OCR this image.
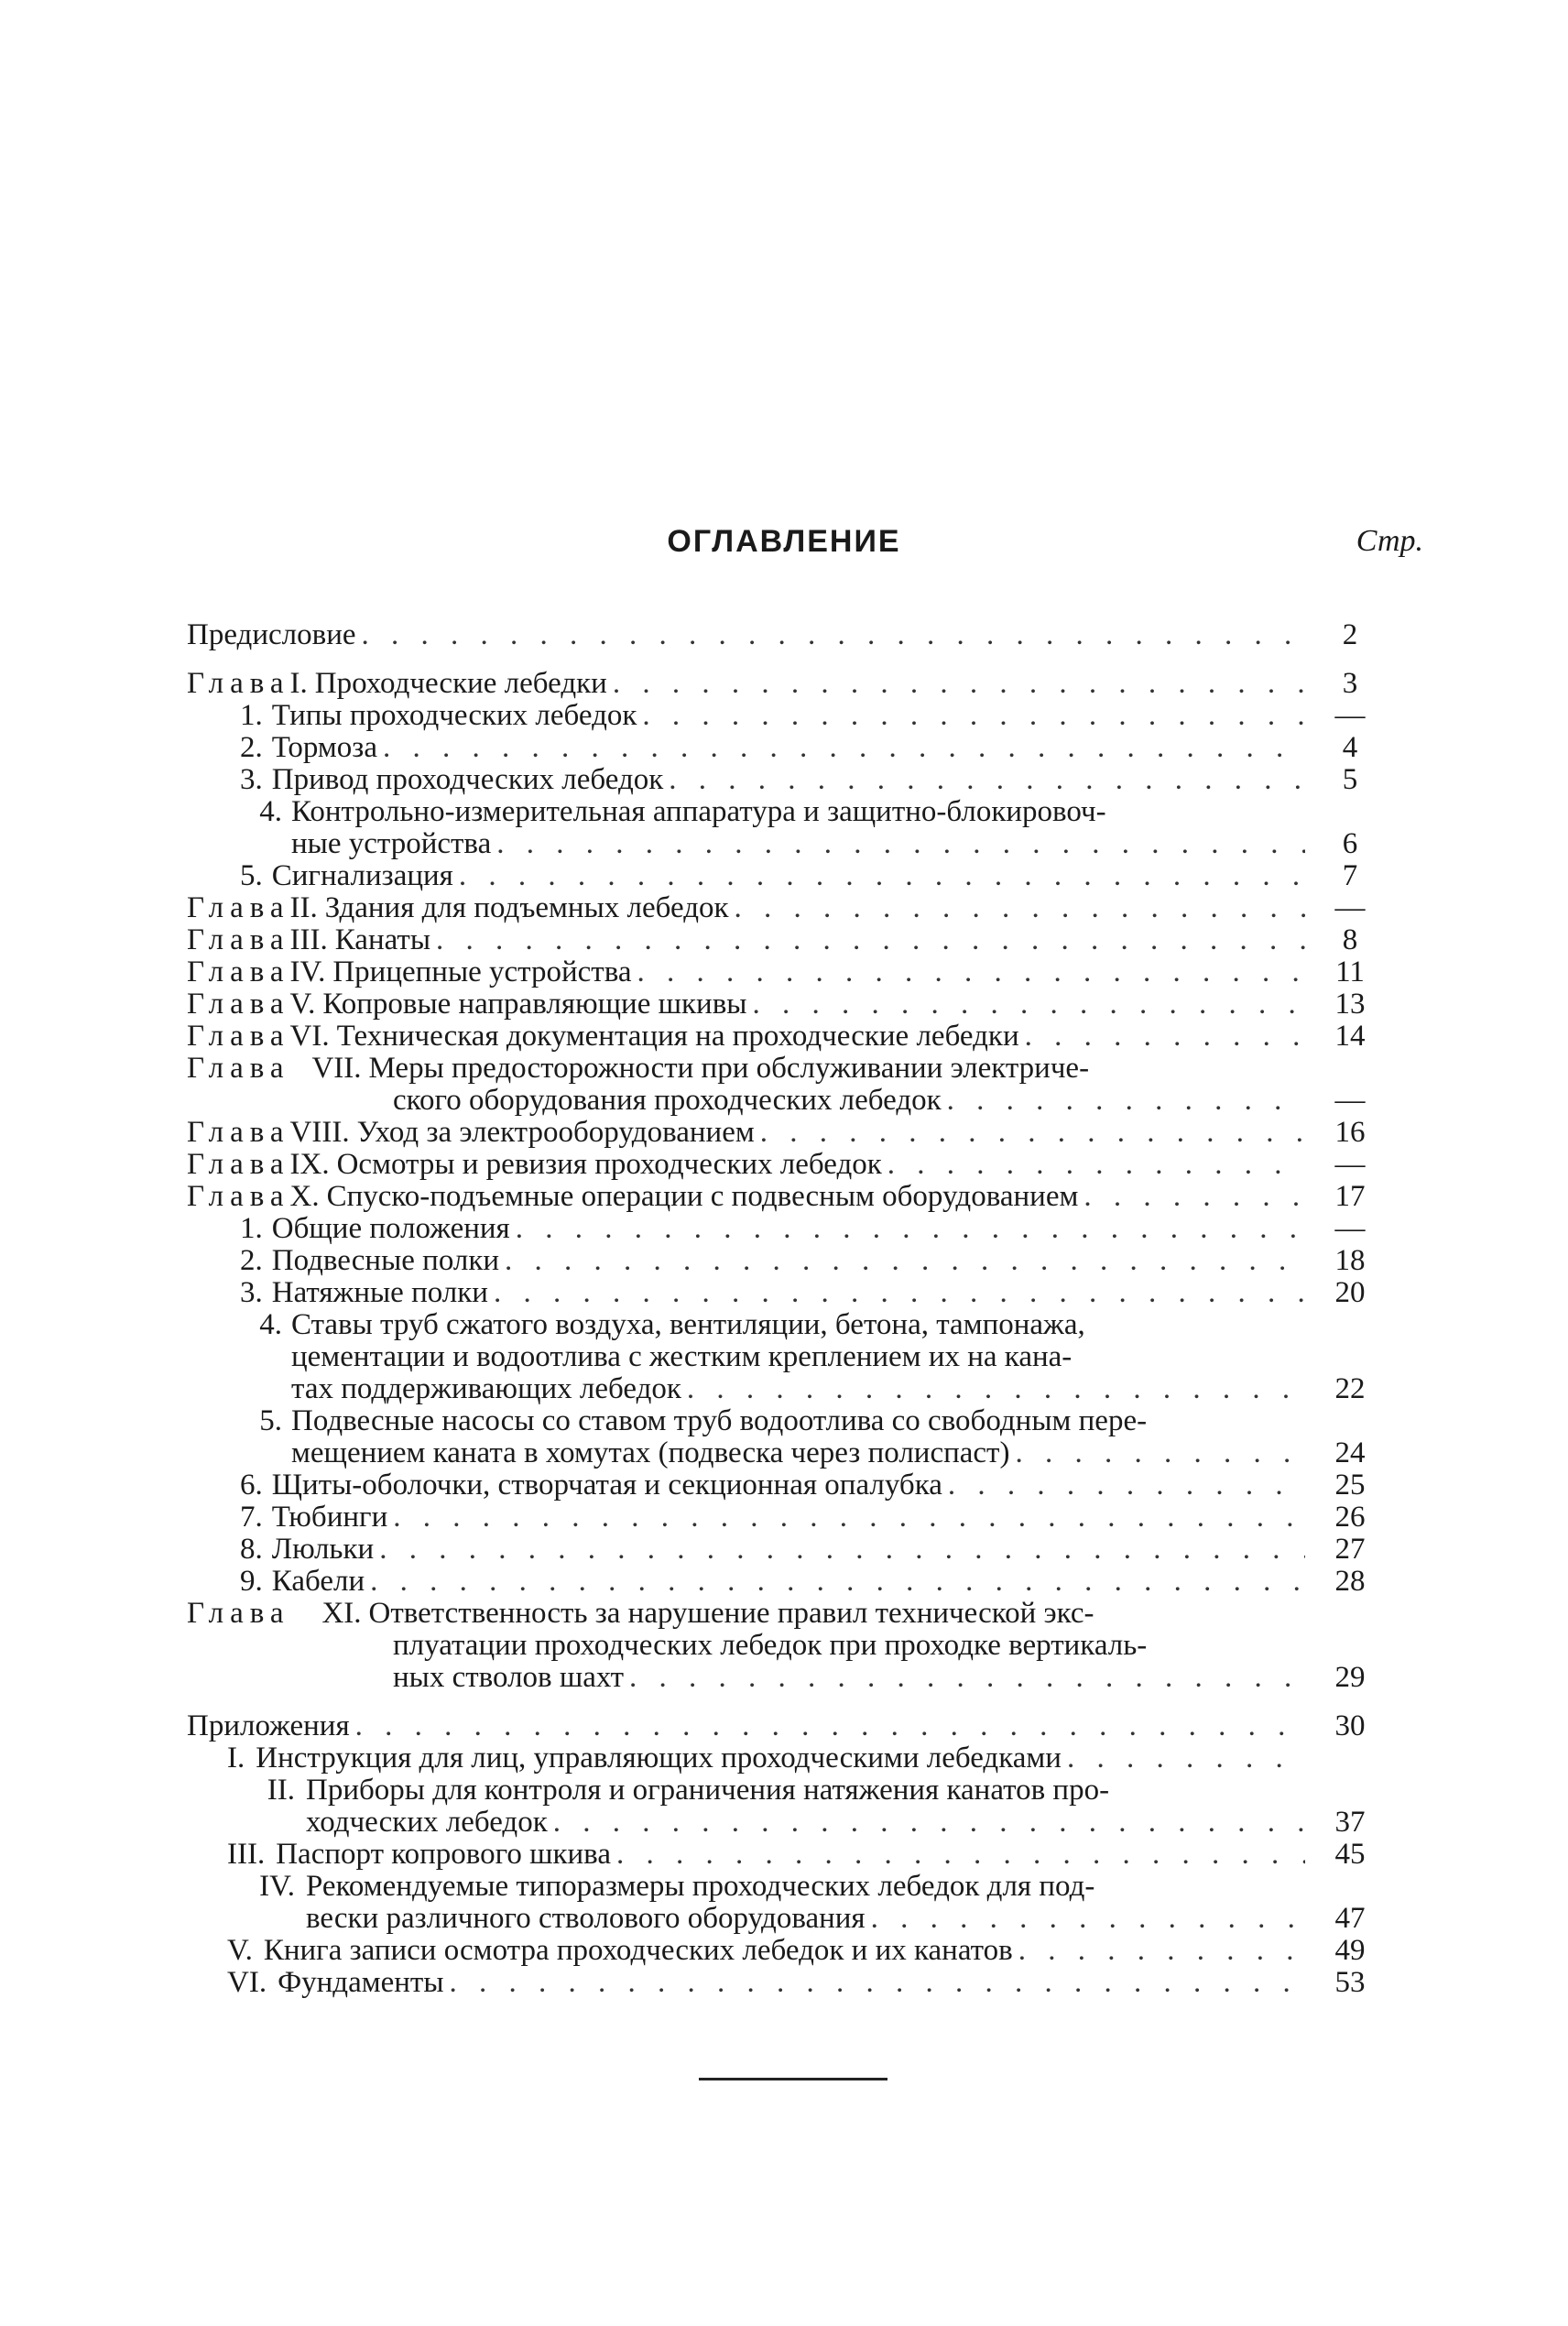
ОГЛАВЛЕНИЕ	Стр.
Предисловие . . .	2
Глава I. Проходческие лебедки . . .	3
1. Типы проходческих лебедок . . .	—
2. Тормоза . . .	4
3. Привод проходческих лебедок . . .	5
4. Контрольно-измерительная аппаратура и защитно-блокировоч-
ные устройства . . .	6
5. Сигнализация . . .	7
Глава II. Здания для подъемных лебедок . . .	—
Глава III. Канаты . . .	8
Глава IV. Прицепные устройства . . .	11
Глава V. Копровые направляющие шкивы . . .	13
Глава VI. Техническая документация на проходческие лебедки . . .	14
Глава VII. Меры предосторожности при обслуживании электриче-
ского оборудования проходческих лебедок . . .	—
Глава VIII. Уход за электрооборудованием . . .	16
Глава IX. Осмотры и ревизия проходческих лебедок . . .	—
Глава X. Спуско-подъемные операции с подвесным оборудованием . . .	17
1. Общие положения . . .	—
2. Подвесные полки . . .	18
3. Натяжные полки . . .	20
4. Ставы труб сжатого воздуха, вентиляции, бетона, тампонажа,
цементации и водоотлива с жестким креплением их на кана-
тах поддерживающих лебедок . . .	22
5. Подвесные насосы со ставом труб водоотлива со свободным пере-
мещением каната в хомутах (подвеска через полиспаст) . . .	24
6. Щиты-оболочки, створчатая и секционная опалубка . . .	25
7. Тюбинги . . .	26
8. Люльки . . .	27
9. Кабели . . .	28
Глава	XI. Ответственность за нарушение правил технической экс-
плуатации проходческих лебедок при проходке вертикаль-
ных стволов шахт . . .	29
Приложения . . .	30
I. Инструкция для лиц, управляющих проходческими лебедками
. . .
II. Приборы для контроля и ограничения натяжения канатов про-
ходческих лебедок . . .	37
III. Паспорт копрового шкива . . .	45
IV. Рекомендуемые типоразмеры проходческих лебедок для под-
вески различного стволового оборудования . . .	47
V. Книга записи осмотра проходческих лебедок и их канатов . . .	49
VI. Фундаменты . . .	53
